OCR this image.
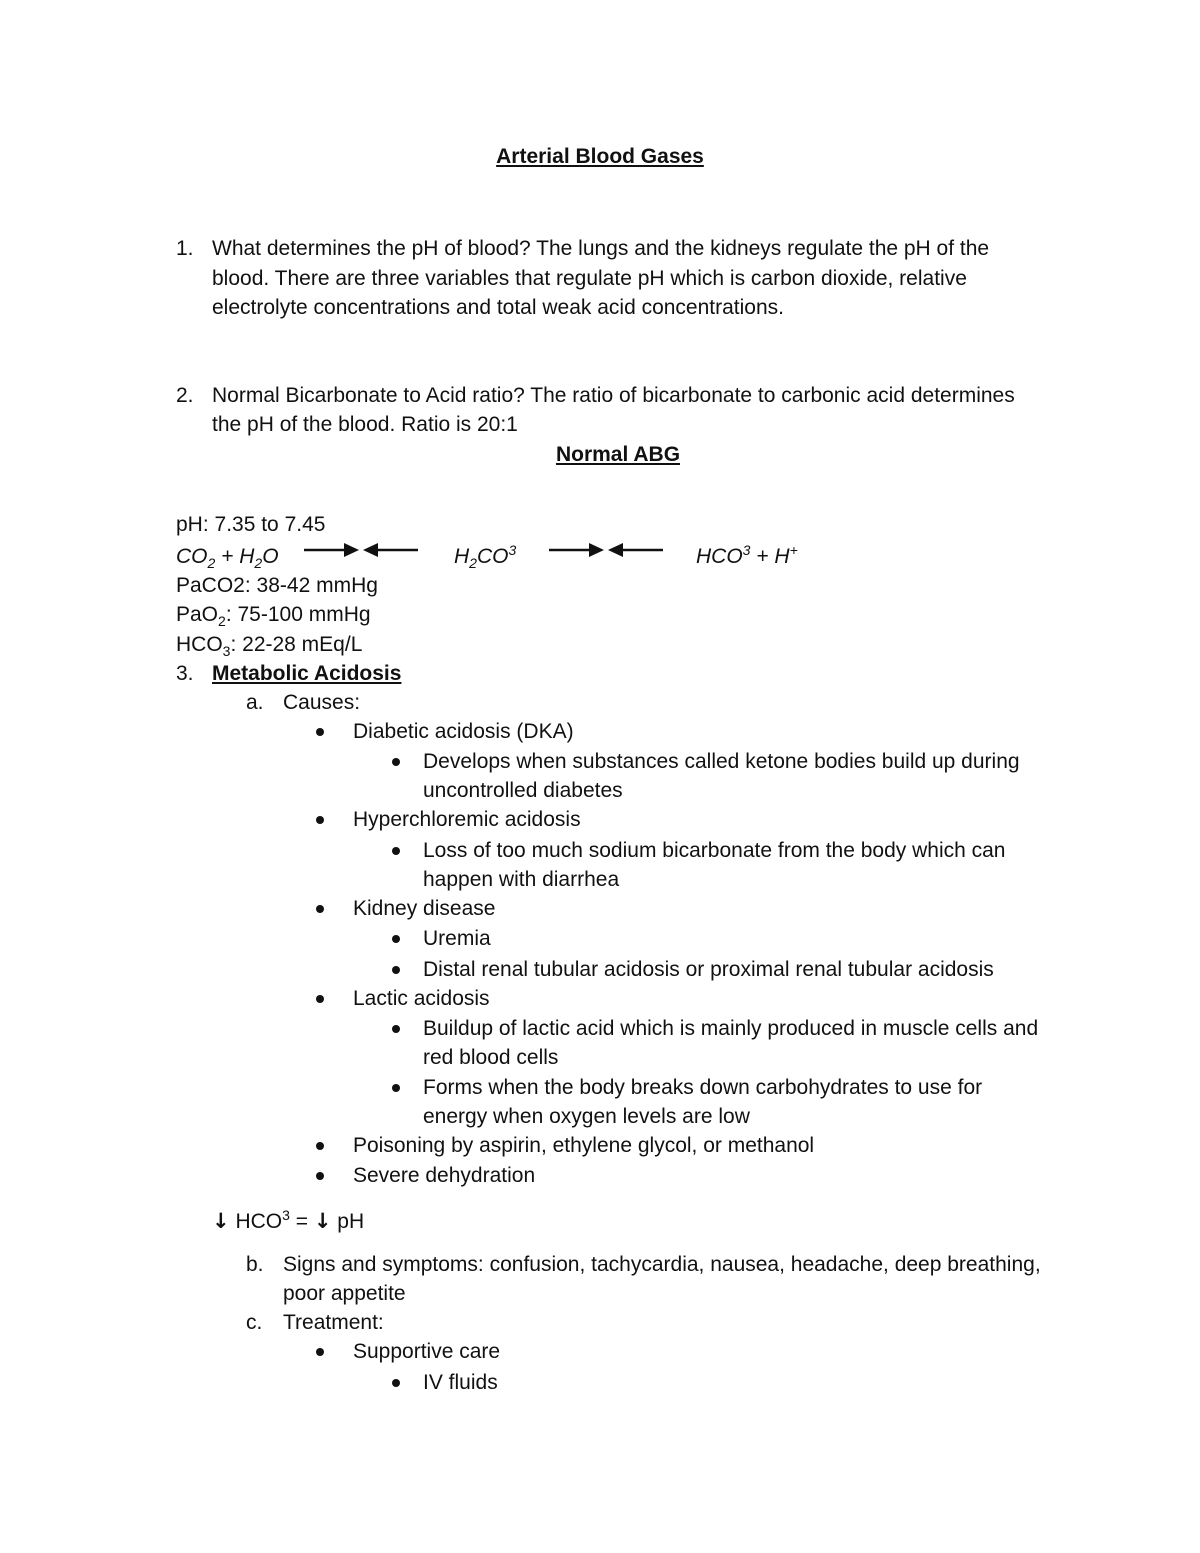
Arterial Blood Gases
1. What determines the pH of blood? The lungs and the kidneys regulate the pH of the
blood. There are three variables that regulate pH which is carbon dioxide, relative
electrolyte concentrations and total weak acid concentrations.
2. Normal Bicarbonate to Acid ratio? The ratio of bicarbonate to carbonic acid determines
the pH of the blood. Ratio is 20:1
Normal ABG
pH: 7.35 to 7.45
$CO_2 + H_2O$	$H_2CO^3$	$HCO^3 + H^+$
PaCO2: 38-42 mmHg
PaO$_2$: 75-100 mmHg
$HCO_3$: 22-28 mEq/L
3. Metabolic Acidosis
a. Causes:
Diabetic acidosis (DKA)
Develops when substances called ketone bodies build up during
uncontrolled diabetes
Hyperchloremic acidosis
Loss of too much sodium bicarbonate from the body which can
happen with diarrhea
Kidney disease
Uremia
Distal renal tubular acidosis or proximal renal tubular acidosis
Lactic acidosis
Buildup of lactic acid which is mainly produced in muscle cells and
red blood cells
Forms when the body breaks down carbohydrates to use for
energy when oxygen levels are low
Poisoning by aspirin, ethylene glycol, or methanol
Severe dehydration
↓ $HCO^3$ = ↓ pH
b. Signs and symptoms: confusion, tachycardia, nausea, headache, deep breathing,
poor appetite
c. Treatment:
Supportive care
IV fluids
